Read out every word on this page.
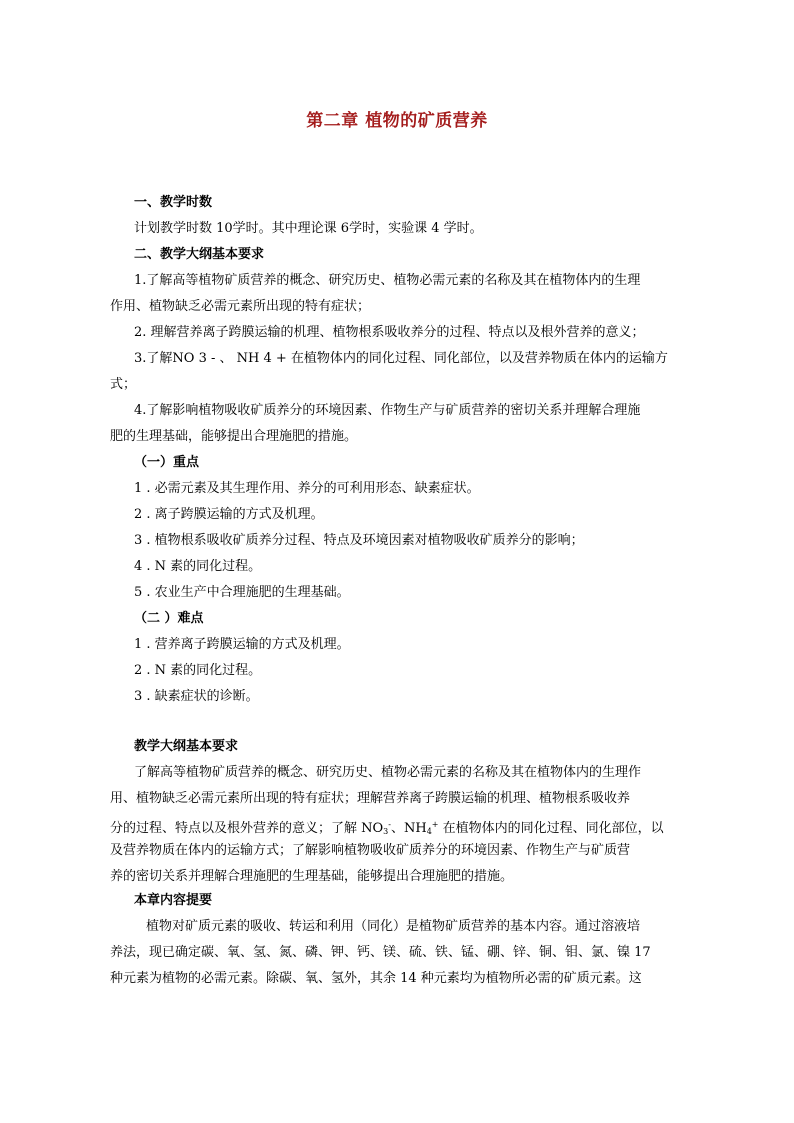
第二章 植物的矿质营养
一、教学时数
计划教学时数 10学时。其中理论课 6学时，实验课 4 学时。
二、教学大纲基本要求
1.了解高等植物矿质营养的概念、研究历史、植物必需元素的名称及其在植物体内的生理
作用、植物缺乏必需元素所出现的特有症状；
2. 理解营养离子跨膜运输的机理、植物根系吸收养分的过程、特点以及根外营养的意义；
3.了解NO 3 - 、 NH 4 + 在植物体内的同化过程、同化部位，以及营养物质在体内的运输方
式；
4.了解影响植物吸收矿质养分的环境因素、作物生产与矿质营养的密切关系并理解合理施
肥的生理基础，能够提出合理施肥的措施。
（一）重点
1 . 必需元素及其生理作用、养分的可利用形态、缺素症状。
2 . 离子跨膜运输的方式及机理。
3 . 植物根系吸收矿质养分过程、特点及环境因素对植物吸收矿质养分的影响；
4 . N 素的同化过程。
5 . 农业生产中合理施肥的生理基础。
（二 ）难点
1 . 营养离子跨膜运输的方式及机理。
2 . N 素的同化过程。
3 . 缺素症状的诊断。
教学大纲基本要求
了解高等植物矿质营养的概念、研究历史、植物必需元素的名称及其在植物体内的生理作
用、植物缺乏必需元素所出现的特有症状；理解营养离子跨膜运输的机理、植物根系吸收养
分的过程、特点以及根外营养的意义；了解 $NO_3^-$、$NH_4^+$ 在植物体内的同化过程、同化部位，以
及营养物质在体内的运输方式；了解影响植物吸收矿质养分的环境因素、作物生产与矿质营
养的密切关系并理解合理施肥的生理基础，能够提出合理施肥的措施。
本章内容提要
植物对矿质元素的吸收、转运和利用（同化）是植物矿质营养的基本内容。通过溶液培
养法，现已确定碳、氧、氢、氮、磷、钾、钙、镁、硫、铁、锰、硼、锌、铜、钼、氯、镍 17
种元素为植物的必需元素。除碳、氧、氢外，其余 14 种元素均为植物所必需的矿质元素。这
